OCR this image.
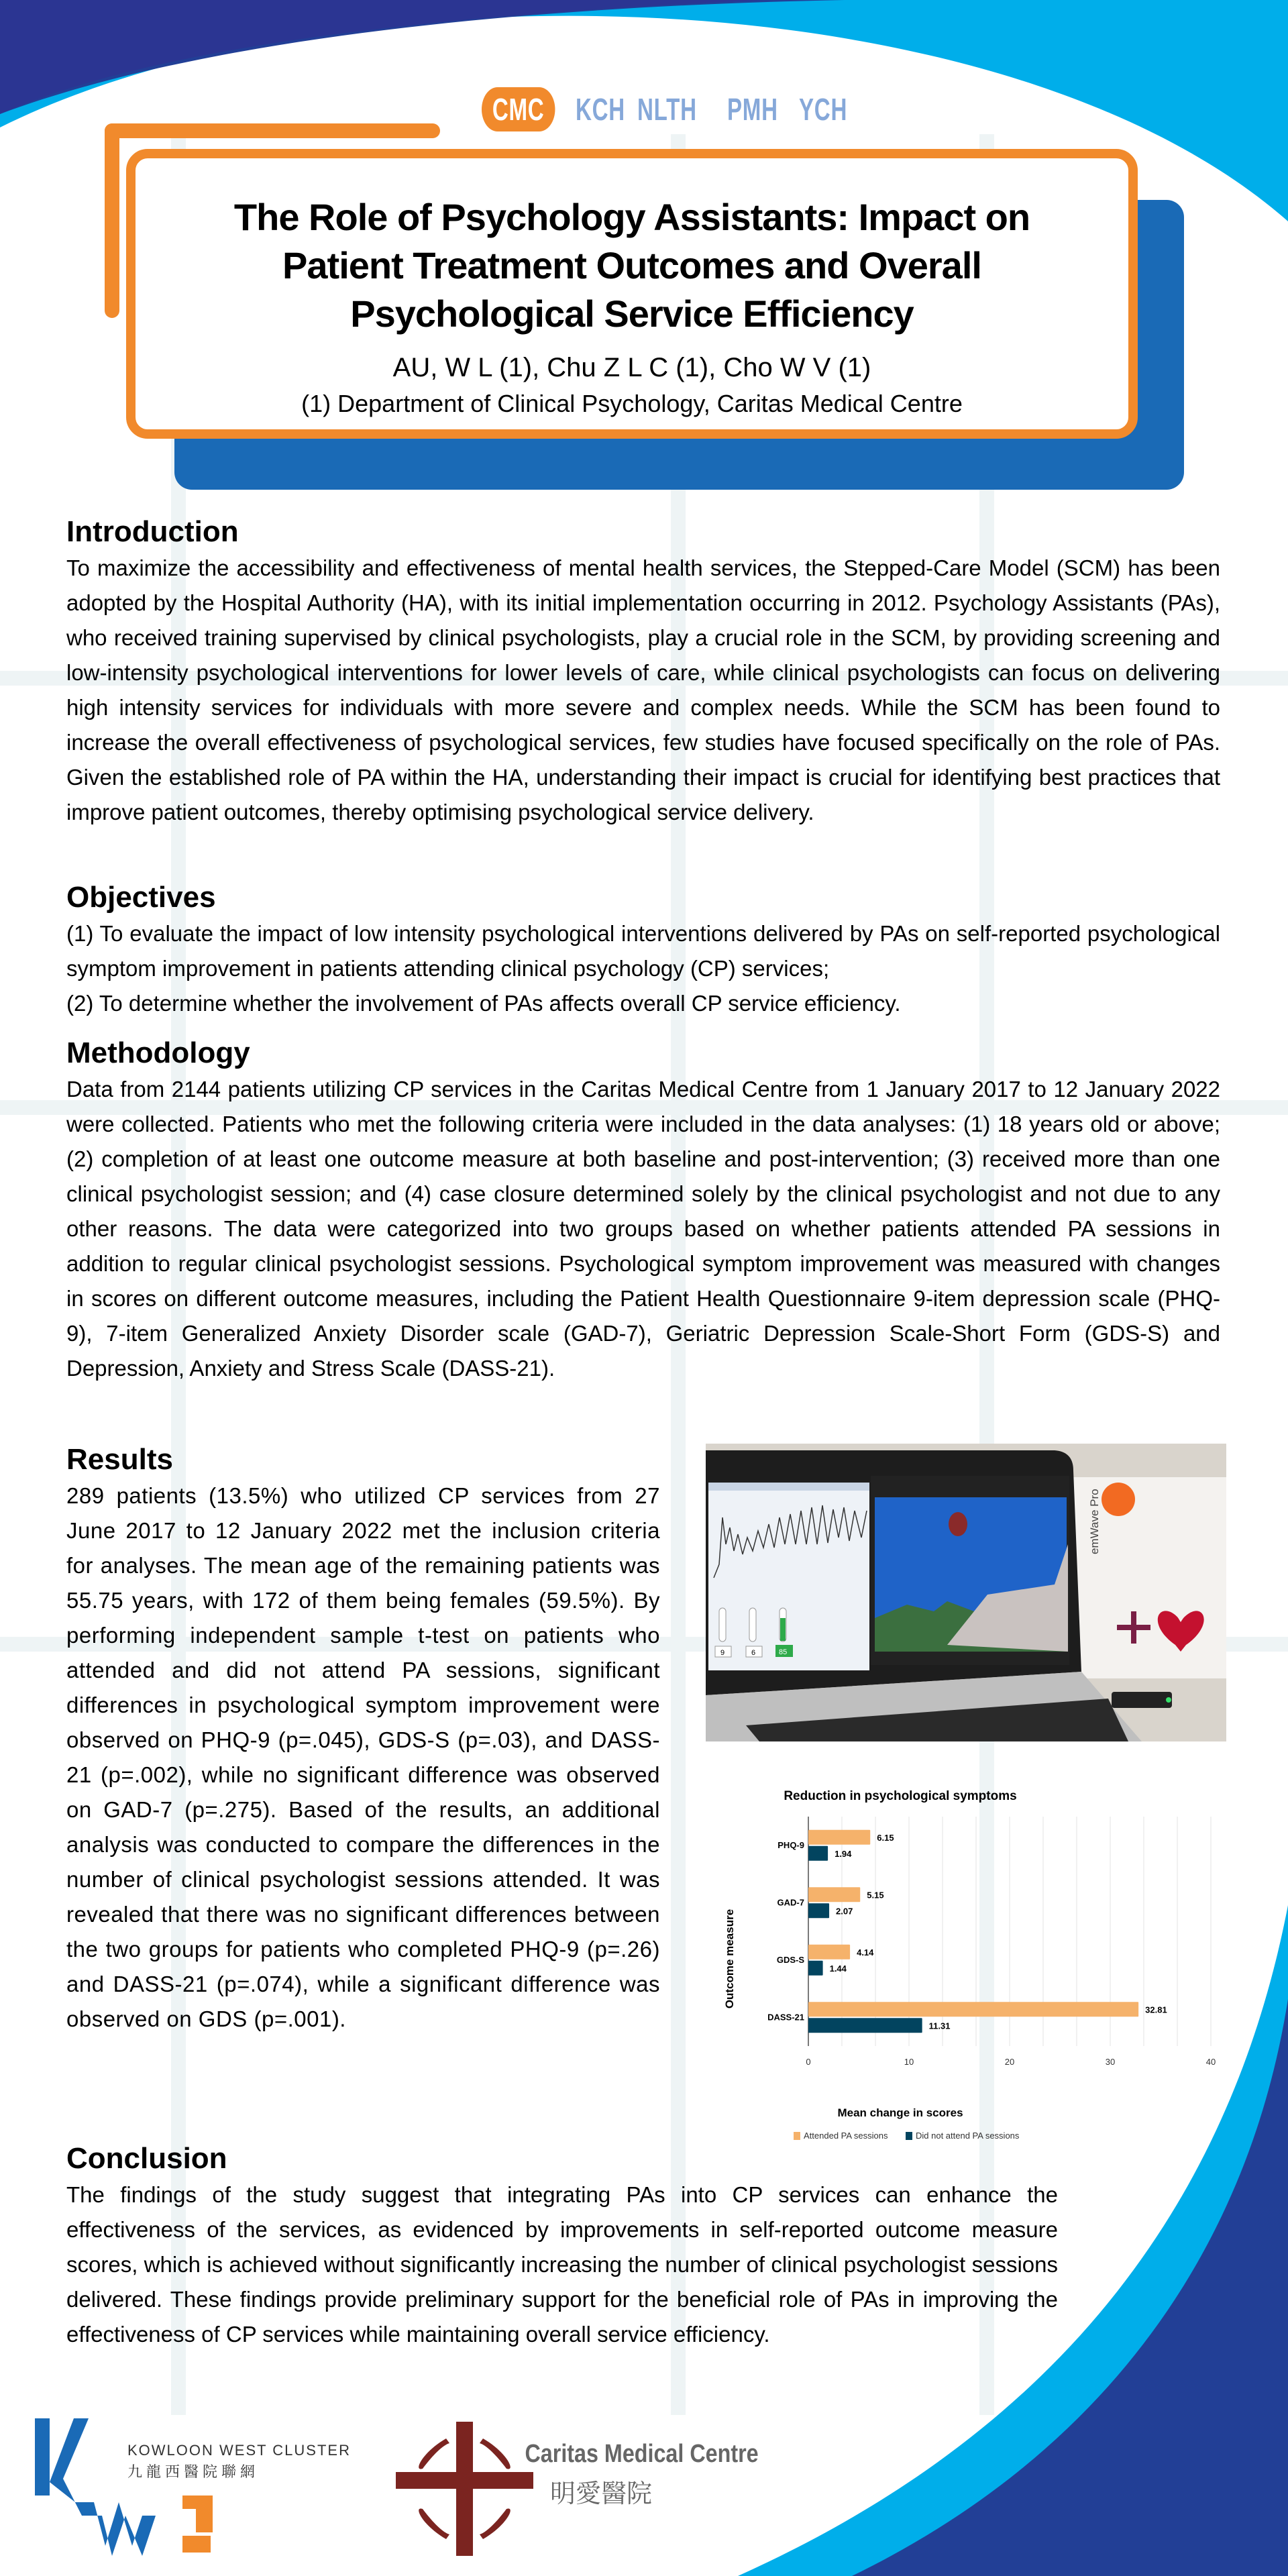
CMC	KCH NLTH PMH YCH
The Role of Psychology Assistants: Impact on Patient Treatment Outcomes and Overall Psychological Service Efficiency
AU, W L (1), Chu Z L C (1), Cho W V (1)
(1) Department of Clinical Psychology, Caritas Medical Centre
Introduction

To maximize the accessibility and effectiveness of mental health services, the Stepped-Care Model (SCM) has been adopted by the Hospital Authority (HA), with its initial implementation occurring in 2012. Psychology Assistants (PAs), who received training supervised by clinical psychologists, play a crucial role in the SCM, by providing screening and low-intensity psychological interventions for lower levels of care, while clinical psychologists can focus on delivering high intensity services for individuals with more severe and complex needs. While the SCM has been found to increase the overall effectiveness of psychological services, few studies have focused specifically on the role of PAs. Given the established role of PA within the HA, understanding their impact is crucial for identifying best practices that improve patient outcomes, thereby optimising psychological service delivery.

Objectives

(1) To evaluate the impact of low intensity psychological interventions delivered by PAs on self-reported psychological symptom improvement in patients attending clinical psychology (CP) services;

(2) To determine whether the involvement of PAs affects overall CP service efficiency.

Methodology

Data from 2144 patients utilizing CP services in the Caritas Medical Centre from 1 January 2017 to 12 January 2022 were collected. Patients who met the following criteria were included in the data analyses: (1) 18 years old or above; (2) completion of at least one outcome measure at both baseline and post-intervention; (3) received more than one clinical psychologist session; and (4) case closure determined solely by the clinical psychologist and not due to any other reasons. The data were categorized into two groups based on whether patients attended PA sessions in addition to regular clinical psychologist sessions. Psychological symptom improvement was measured with changes in scores on different outcome measures, including the Patient Health Questionnaire 9-item depression scale (PHQ-9), 7-item Generalized Anxiety Disorder scale (GAD-7), Geriatric Depression Scale-Short Form (GDS-S) and Depression, Anxiety and Stress Scale (DASS-21).

Results

289 patients (13.5%) who utilized CP services from 27 June 2017 to 12 January 2022 met the inclusion criteria for analyses. The mean age of the remaining patients was 55.75 years, with 172 of them being females (59.5%). By performing independent sample t-test on patients who attended and did not attend PA sessions, significant differences in psychological symptom improvement were observed on PHQ-9 (p=.045), GDS-S (p=.03), and DASS-21 (p=.002), while no significant difference was observed on GAD-7 (p=.275). Based of the results, an additional analysis was conducted to compare the differences in the number of clinical psychologist sessions attended. It was revealed that there was no significant differences between the two groups for patients who completed PHQ-9 (p=.26) and DASS-21 (p=.074), while a significant difference was observed on GDS (p=.001).

emWave Pro
9	6	85
Reduction in psychological symptoms
0	10	20	30	40
PHQ-9
6.15
1.94
GAD-7
5.15
2.07
GDS-S
4.14
1.44
DASS-21
32.81
11.31
Outcome measure
Mean change in scores
Attended PA sessions	Did not attend PA sessions
Conclusion

The findings of the study suggest that integrating PAs into CP services can enhance the effectiveness of the services, as evidenced by improvements in self-reported outcome measure scores, which is achieved without significantly increasing the number of clinical psychologist sessions delivered. These findings provide preliminary support for the beneficial role of PAs in improving the effectiveness of CP services while maintaining overall service efficiency.

KOWLOON WEST CLUSTER
九龍西醫院聯網
Caritas Medical Centre
明愛醫院
